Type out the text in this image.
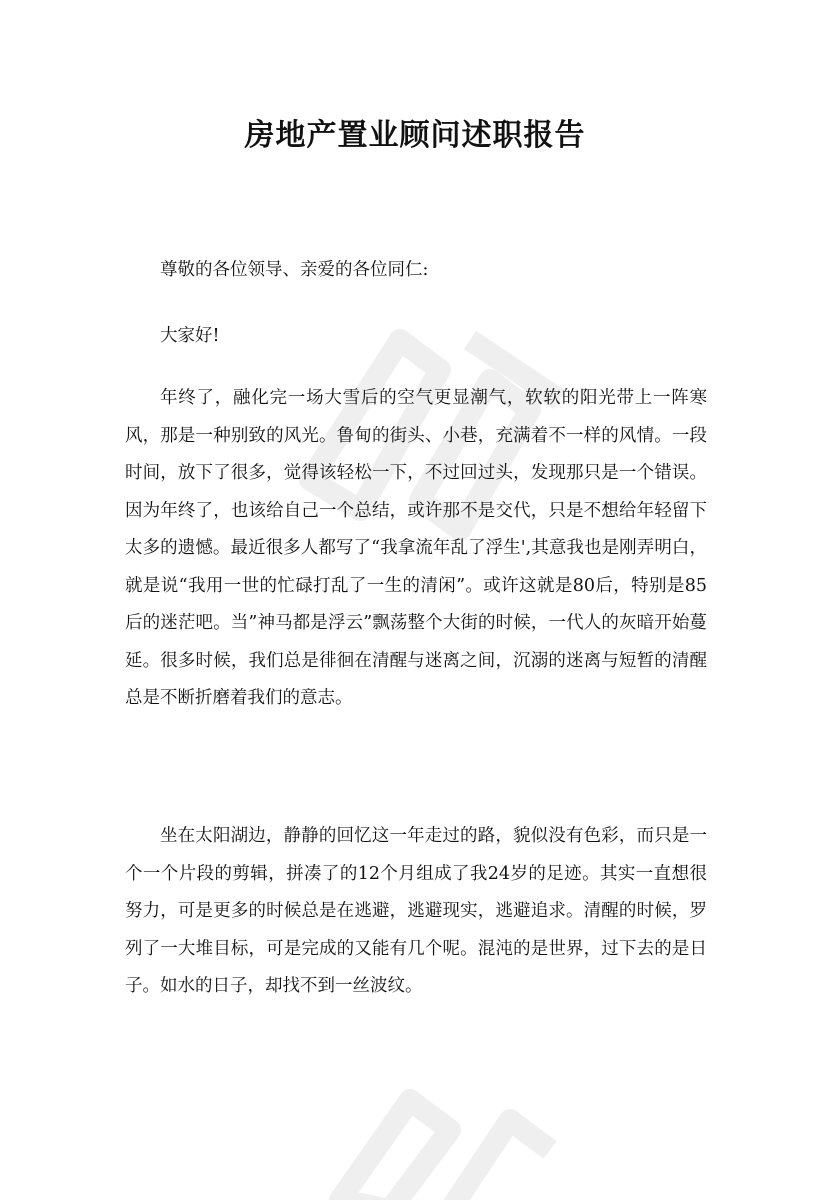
房地产置业顾问述职报告

尊敬的各位领导、亲爱的各位同仁:

大家好!

年终了，融化完一场大雪后的空气更显潮气，软软的阳光带上一阵寒风，那是一种别致的风光。鲁甸的街头、小巷，充满着不一样的风情。一段时间，放下了很多，觉得该轻松一下，不过回过头，发现那只是一个错误。因为年终了，也该给自己一个总结，或许那不是交代，只是不想给年轻留下太多的遗憾。最近很多人都写了“我拿流年乱了浮生',其意我也是刚弄明白，就是说“我用一世的忙碌打乱了一生的清闲”。或许这就是80后，特别是85后的迷茫吧。当”神马都是浮云”飘荡整个大街的时候，一代人的灰暗开始蔓延。很多时候，我们总是徘徊在清醒与迷离之间，沉溺的迷离与短暂的清醒总是不断折磨着我们的意志。

坐在太阳湖边，静静的回忆这一年走过的路，貌似没有色彩，而只是一个一个片段的剪辑，拼凑了的12个月组成了我24岁的足迹。其实一直想很努力，可是更多的时候总是在逃避，逃避现实，逃避追求。清醒的时候，罗列了一大堆目标，可是完成的又能有几个呢。混沌的是世界，过下去的是日子。如水的日子，却找不到一丝波纹。
